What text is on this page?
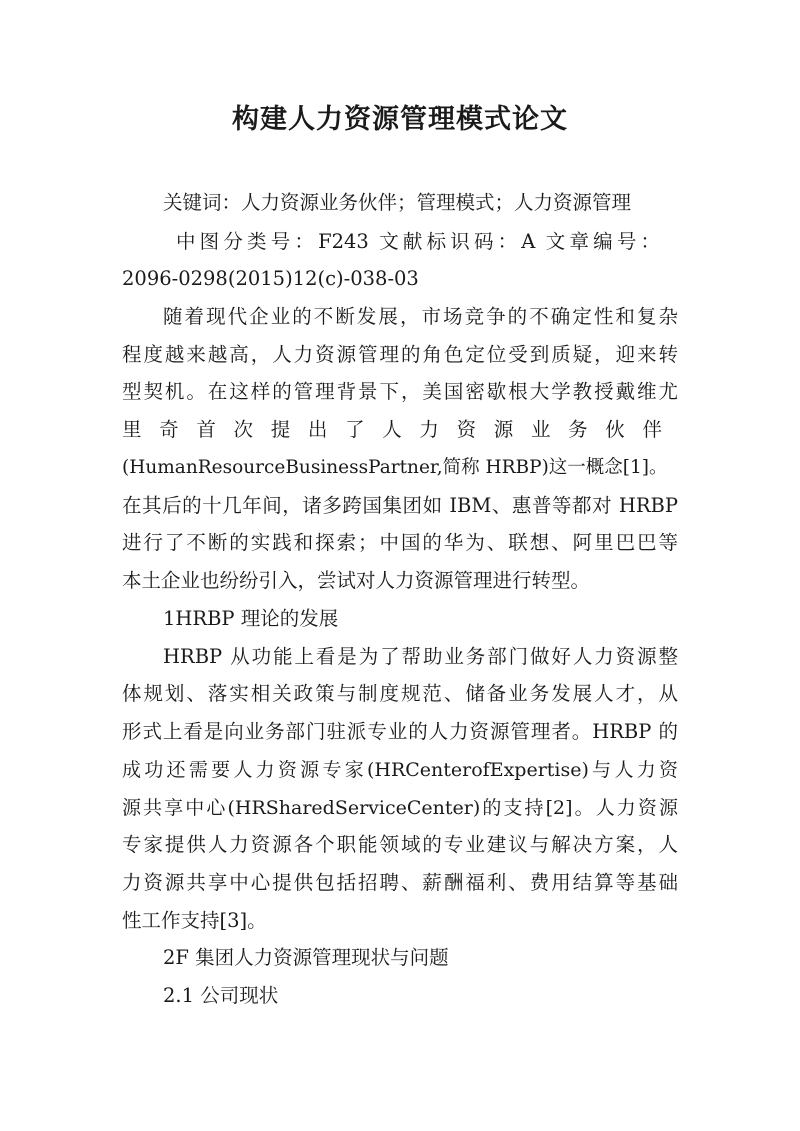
构建人力资源管理模式论文
关键词：人力资源业务伙伴；管理模式；人力资源管理
中图分类号：F243 文献标识码：A 文章编号：
2096-0298(2015)12(c)-038-03
随着现代企业的不断发展，市场竞争的不确定性和复杂
程度越来越高，人力资源管理的角色定位受到质疑，迎来转
型契机。在这样的管理背景下，美国密歇根大学教授戴维尤
里奇首次提出了人力资源业务伙伴
(HumanResourceBusinessPartner,简称 HRBP)这一概念[1]。
在其后的十几年间，诸多跨国集团如 IBM、惠普等都对 HRBP
进行了不断的实践和探索；中国的华为、联想、阿里巴巴等
本土企业也纷纷引入，尝试对人力资源管理进行转型。
1HRBP 理论的发展
HRBP 从功能上看是为了帮助业务部门做好人力资源整
体规划、落实相关政策与制度规范、储备业务发展人才，从
形式上看是向业务部门驻派专业的人力资源管理者。HRBP 的
成功还需要人力资源专家(HRCenterofExpertise)与人力资
源共享中心(HRSharedServiceCenter)的支持[2]。人力资源
专家提供人力资源各个职能领域的专业建议与解决方案，人
力资源共享中心提供包括招聘、薪酬福利、费用结算等基础
性工作支持[3]。
2F 集团人力资源管理现状与问题
2.1 公司现状
